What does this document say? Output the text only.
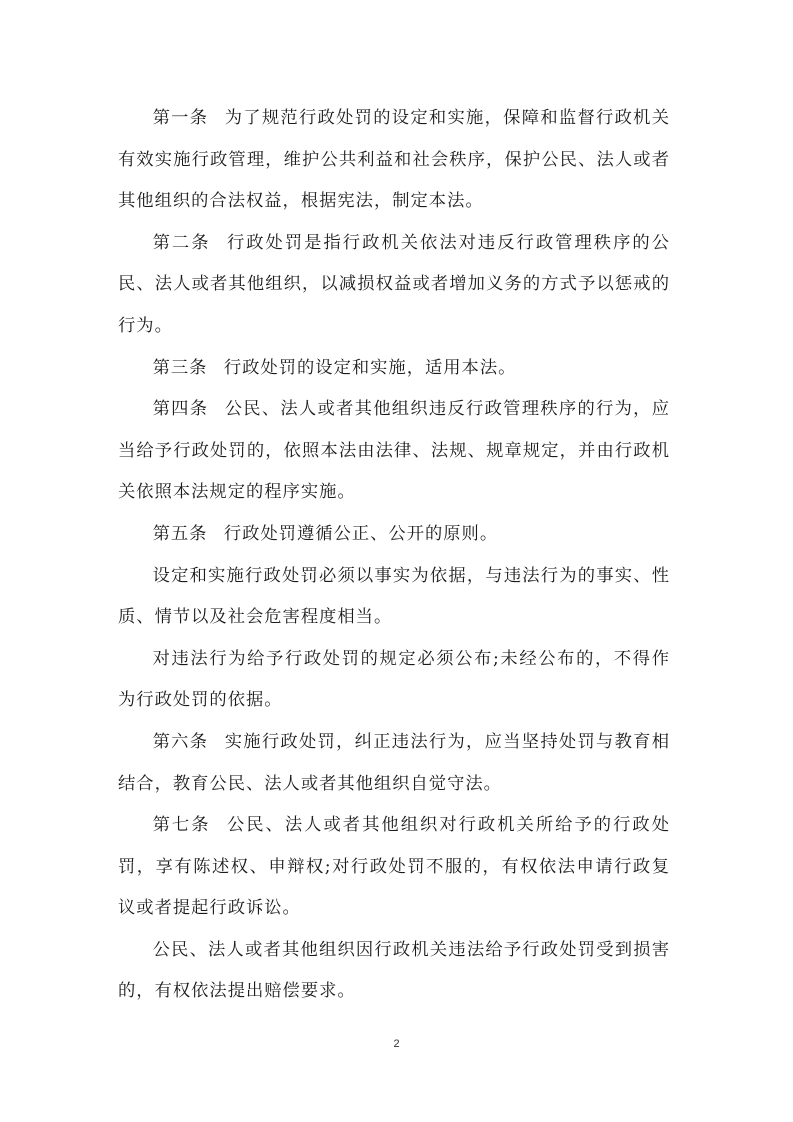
第一条 为了规范行政处罚的设定和实施，保障和监督行政机关有效实施行政管理，维护公共利益和社会秩序，保护公民、法人或者其他组织的合法权益，根据宪法，制定本法。

第二条 行政处罚是指行政机关依法对违反行政管理秩序的公民、法人或者其他组织，以减损权益或者增加义务的方式予以惩戒的行为。

第三条 行政处罚的设定和实施，适用本法。

第四条 公民、法人或者其他组织违反行政管理秩序的行为，应当给予行政处罚的，依照本法由法律、法规、规章规定，并由行政机关依照本法规定的程序实施。

第五条 行政处罚遵循公正、公开的原则。

设定和实施行政处罚必须以事实为依据，与违法行为的事实、性质、情节以及社会危害程度相当。

对违法行为给予行政处罚的规定必须公布;未经公布的，不得作为行政处罚的依据。

第六条 实施行政处罚，纠正违法行为，应当坚持处罚与教育相结合，教育公民、法人或者其他组织自觉守法。

第七条 公民、法人或者其他组织对行政机关所给予的行政处罚，享有陈述权、申辩权;对行政处罚不服的，有权依法申请行政复议或者提起行政诉讼。

公民、法人或者其他组织因行政机关违法给予行政处罚受到损害的，有权依法提出赔偿要求。

2
